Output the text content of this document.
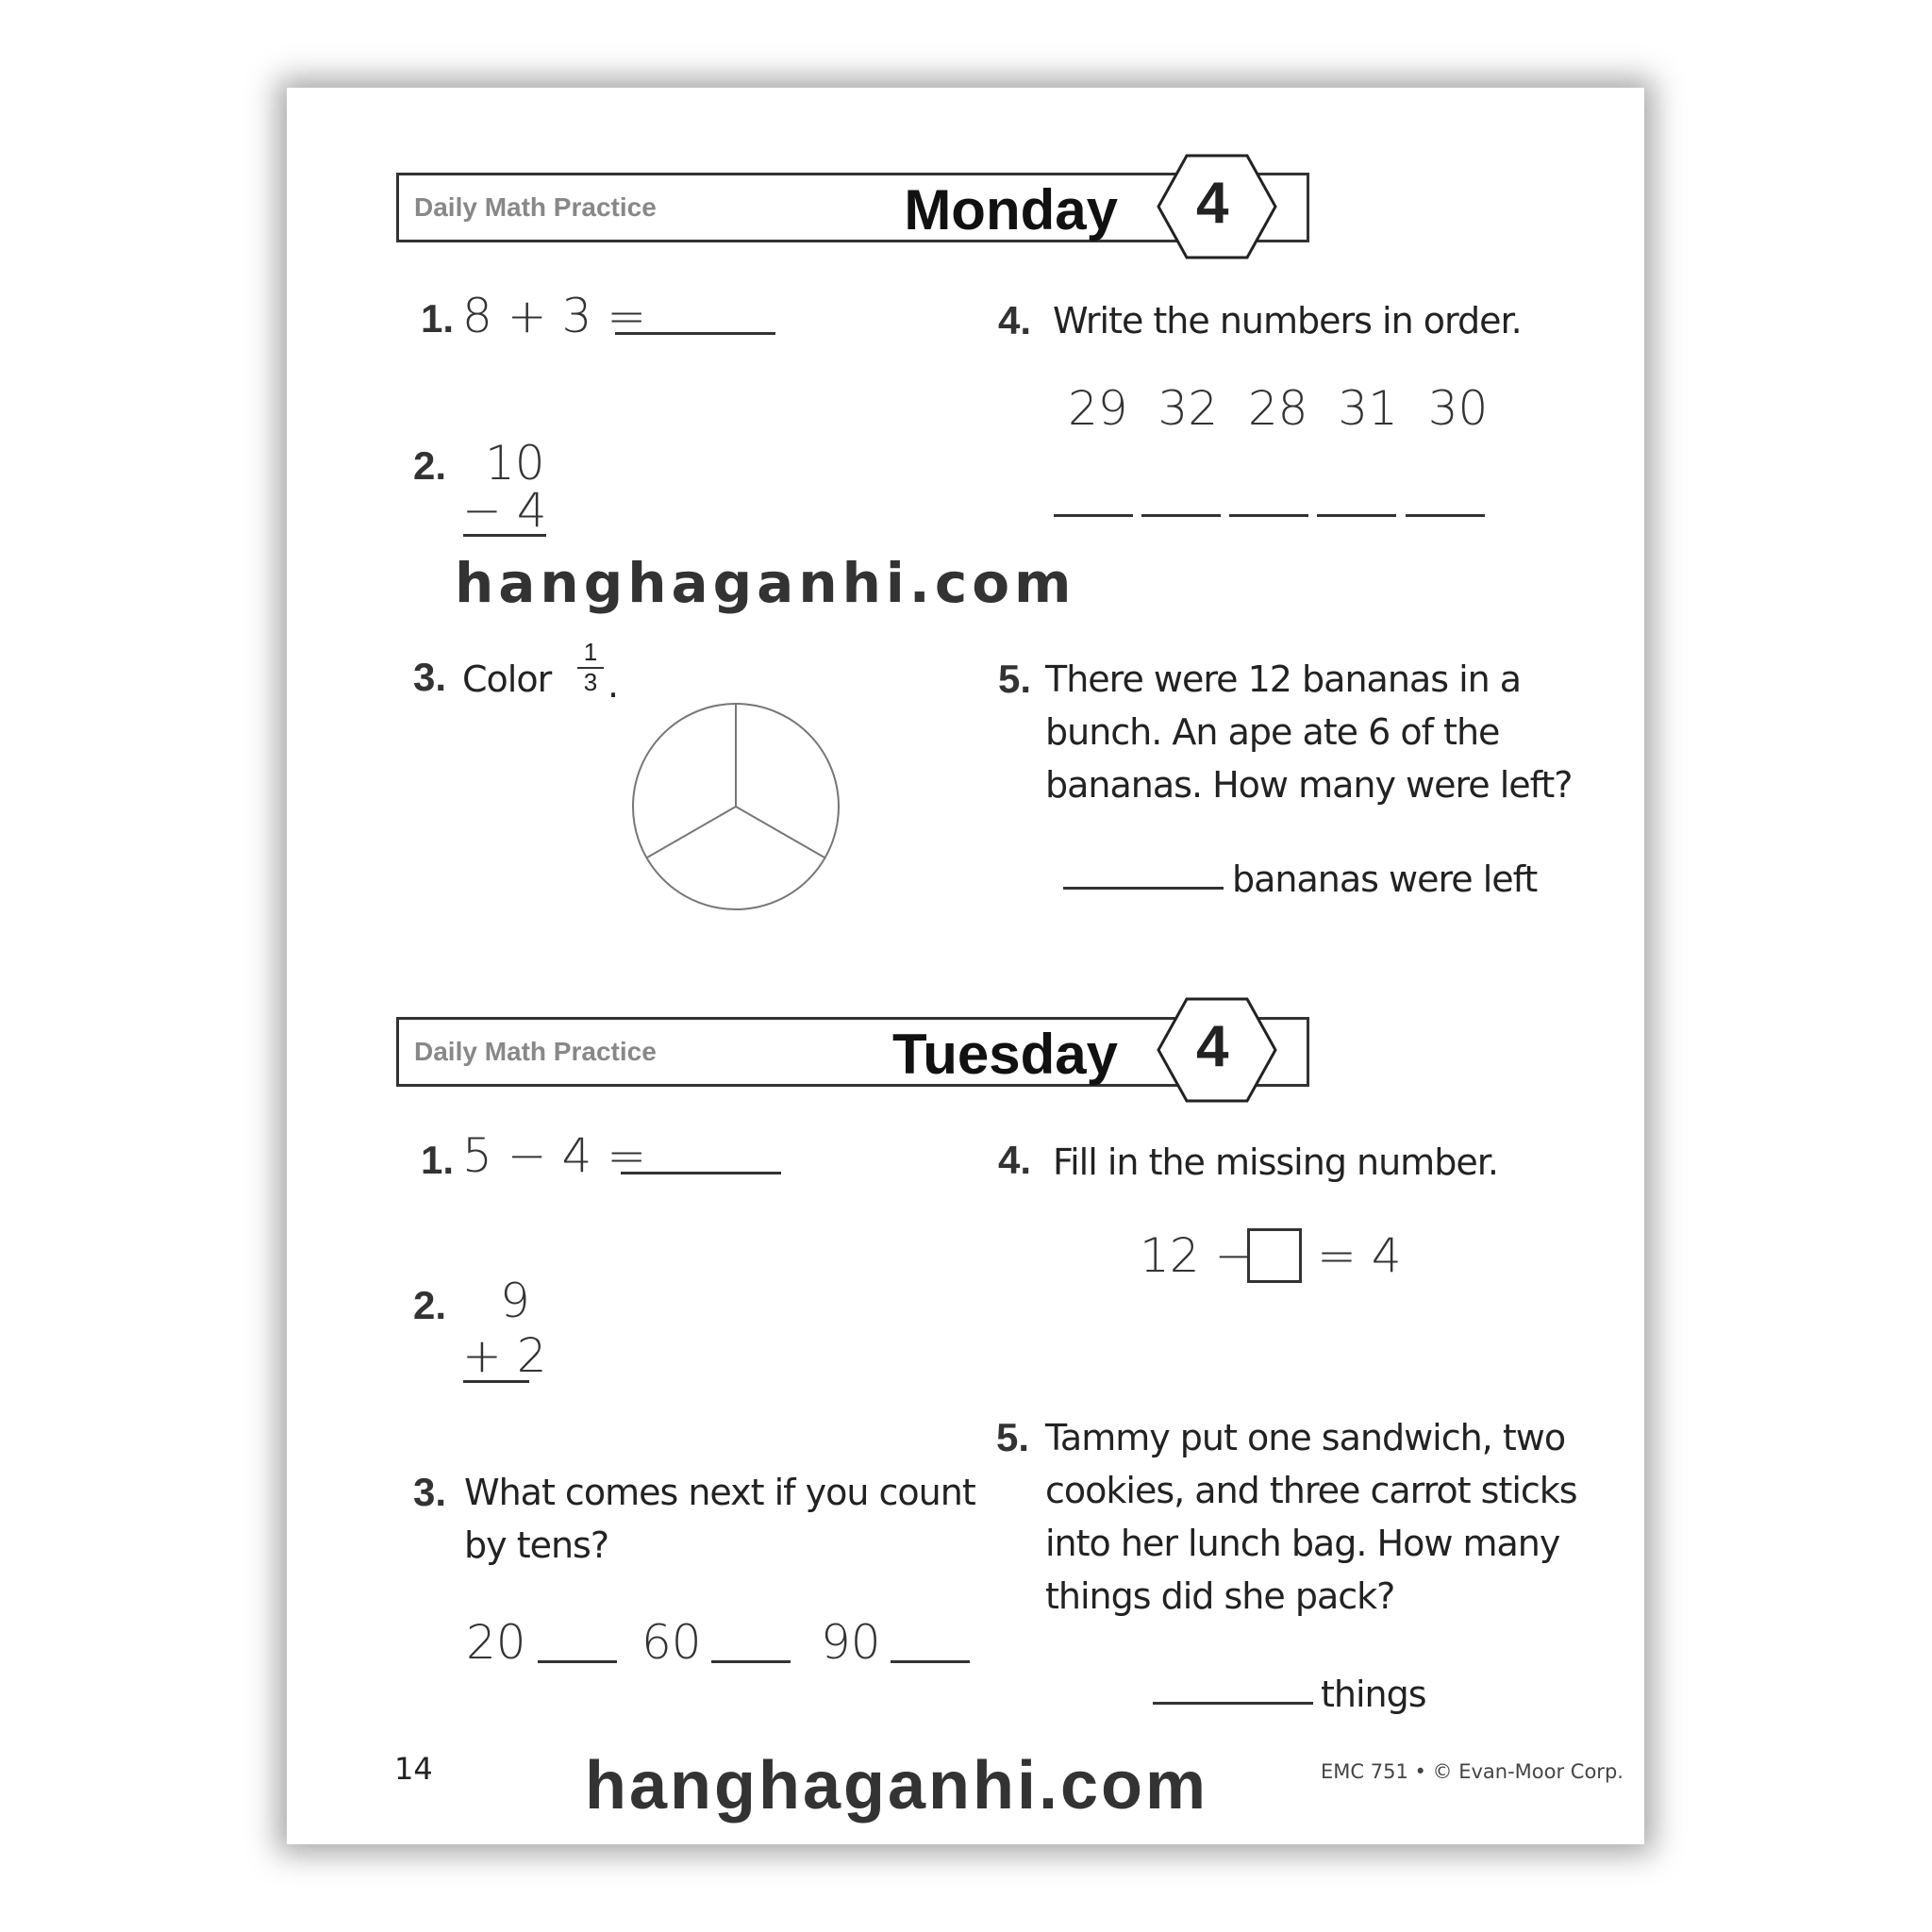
Daily Math Practice	Monday 4
1. 8 + 3 =
2. 10
− 4
hanghaganhi.com
3. Color
1
3 .
4. Write the numbers in order.
29 32 28 31 30
5. There were 12 bananas in a
bunch. An ape ate 6 of the
bananas. How many were left?
bananas were left
Daily Math Practice	Tuesday 4
1. 5 − 4 =
2. 9
+ 2
3. What comes next if you count
by tens?
20 60	90
4. Fill in the missing number.
12 − = 4
5. Tammy put one sandwich, two
cookies, and three carrot sticks
into her lunch bag. How many
things did she pack?
things
14 hanghaganhi.com	EMC 751 • © Evan-Moor Corp.
